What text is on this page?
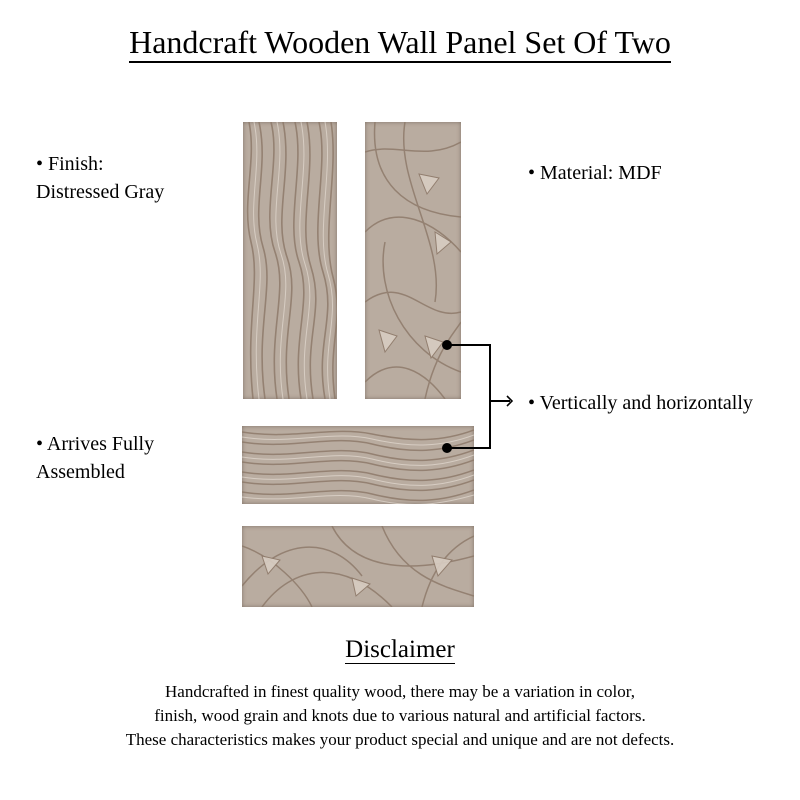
Handcraft Wooden Wall Panel Set Of Two
• Finish:
Distressed Gray
• Material: MDF
• Vertically and horizontally
• Arrives Fully
Assembled
Disclaimer
Handcrafted in finest quality wood, there may be a variation in color,
finish, wood grain and knots due to various natural and artificial factors.
These characteristics makes your product special and unique and are not defects.
